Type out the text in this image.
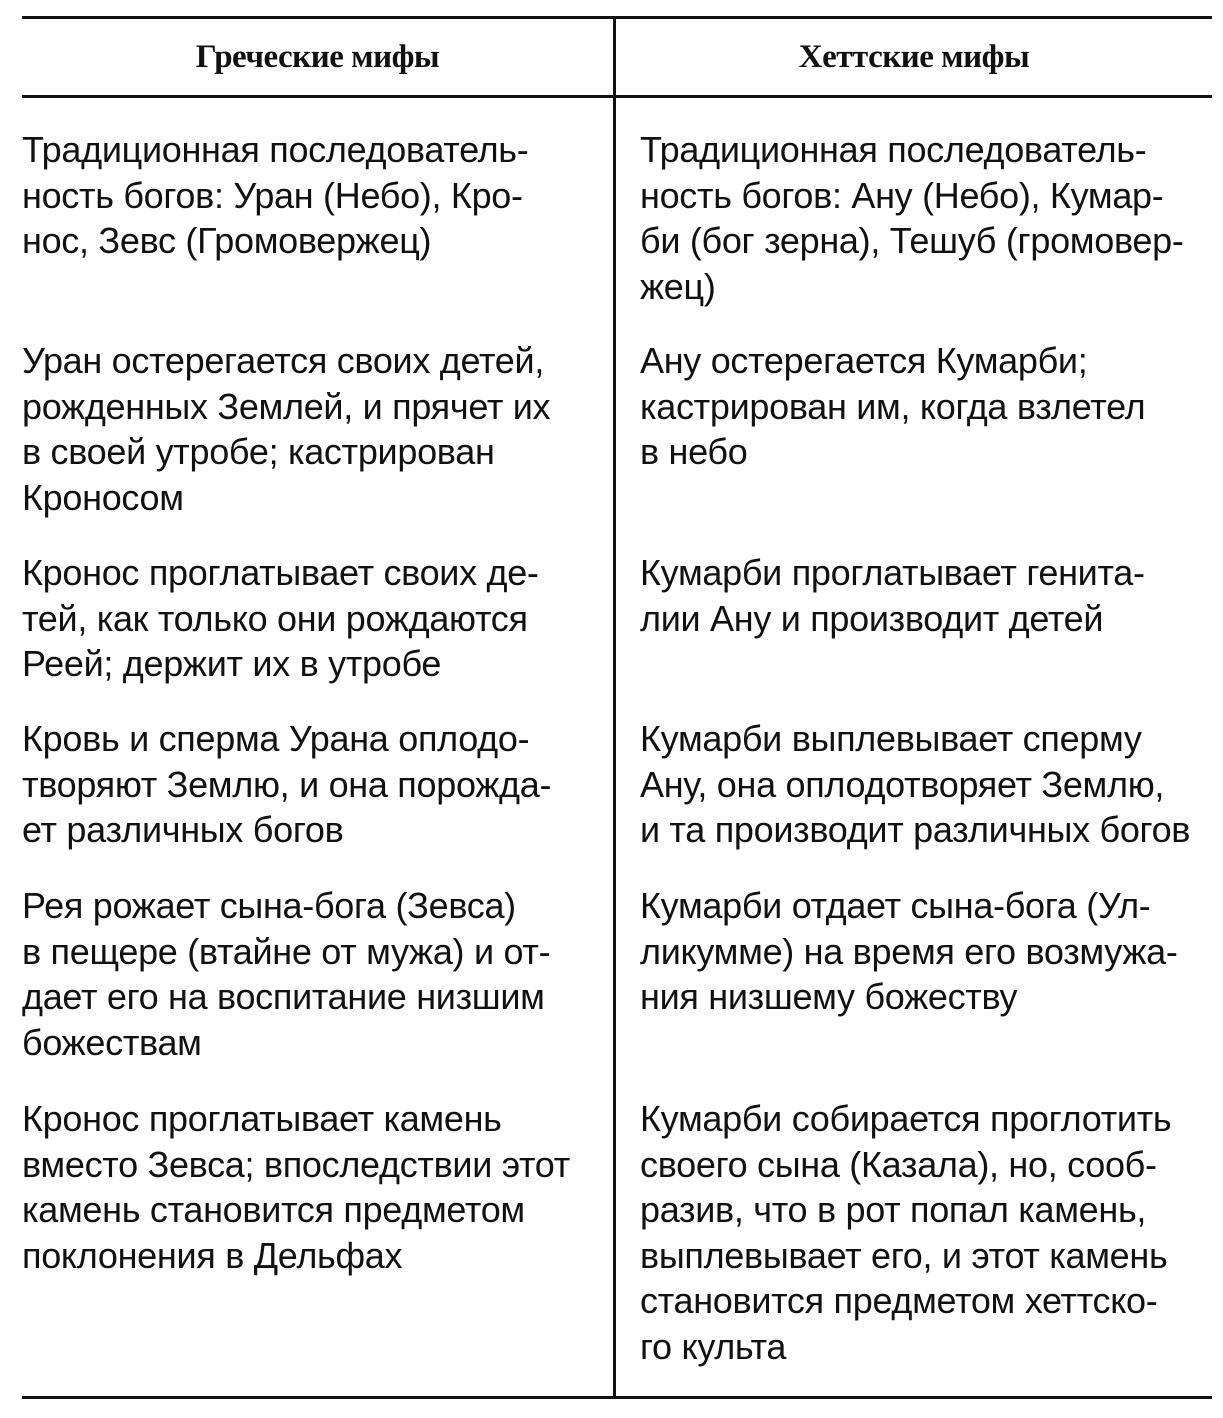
Греческие мифы	Хеттские мифы
Традиционная последователь-
ность богов: Уран (Небо), Кро-
нос, Зевс (Громовержец)
Традиционная последователь-
ность богов: Ану (Небо), Кумар-
би (бог зерна), Тешуб (громовер-
жец)
Уран остерегается своих детей,
рожденных Землей, и прячет их
в своей утробе; кастрирован
Кроносом
Ану остерегается Кумарби;
кастрирован им, когда взлетел
в небо
Кронос проглатывает своих де-
тей, как только они рождаются
Реей; держит их в утробе
Кумарби проглатывает генита-
лии Ану и производит детей
Кровь и сперма Урана оплодо-
творяют Землю, и она порожда-
ет различных богов
Кумарби выплевывает сперму
Ану, она оплодотворяет Землю,
и та производит различных богов
Рея рожает сына-бога (Зевса)
в пещере (втайне от мужа) и от-
дает его на воспитание низшим
божествам
Кумарби отдает сына-бога (Ул-
ликумме) на время его возмужа-
ния низшему божеству
Кронос проглатывает камень
вместо Зевса; впоследствии этот
камень становится предметом
поклонения в Дельфах
Кумарби собирается проглотить
своего сына (Казала), но, сооб-
разив, что в рот попал камень,
выплевывает его, и этот камень
становится предметом хеттско-
го культа
